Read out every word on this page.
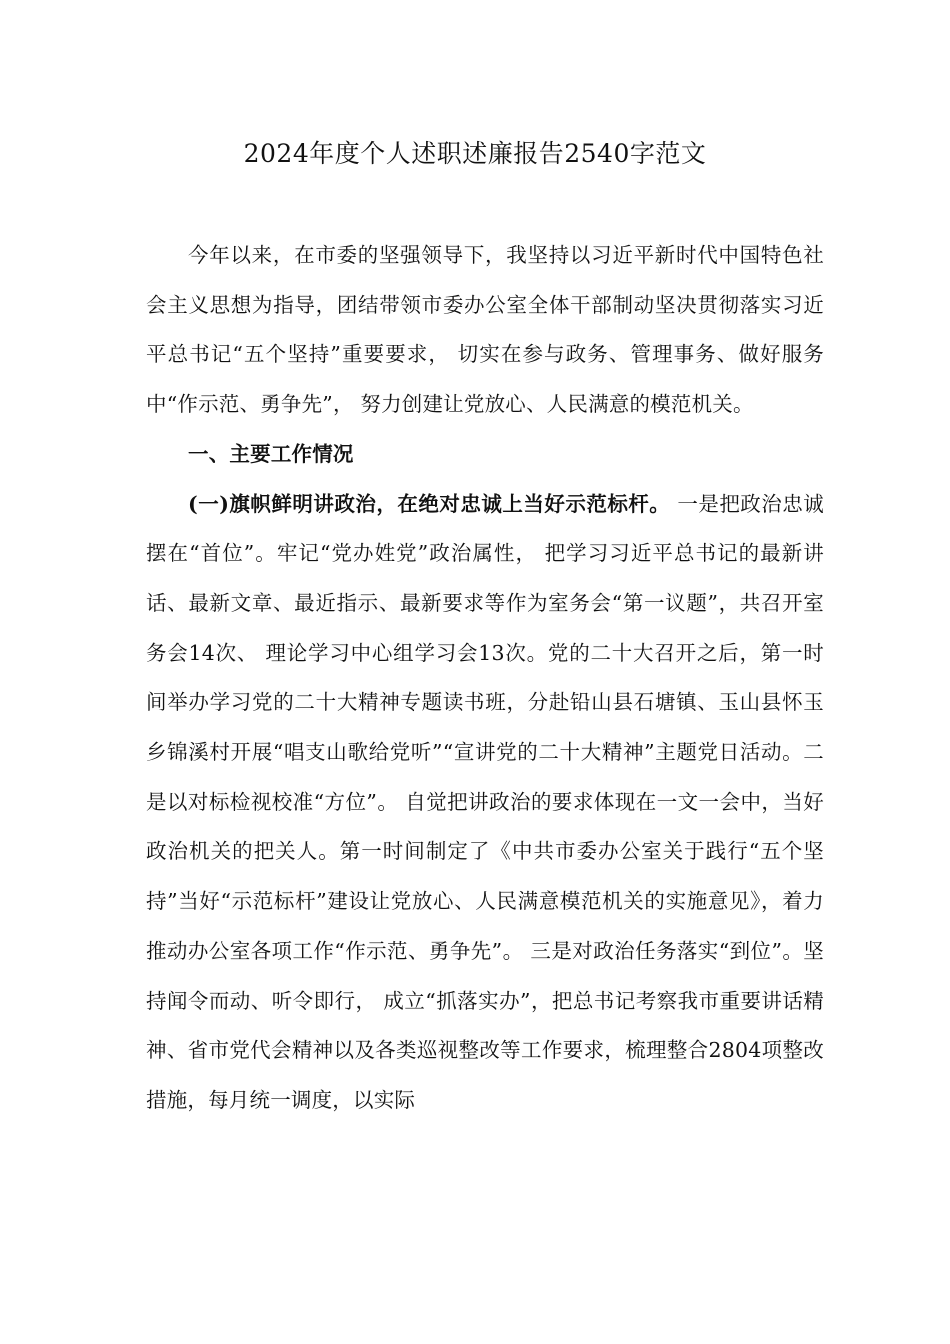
2024年度个人述职述廉报告2540字范文

今年以来，在市委的坚强领导下，我坚持以习近平新时代中国特色社会主义思想为指导，团结带领市委办公室全体干部制动坚决贯彻落实习近平总书记“五个坚持”重要要求， 切实在参与政务、管理事务、做好服务中“作示范、勇争先”， 努力创建让党放心、人民满意的模范机关。

一、主要工作情况

(一)旗帜鲜明讲政治，在绝对忠诚上当好示范标杆。 一是把政治忠诚摆在“首位”。牢记“党办姓党”政治属性， 把学习习近平总书记的最新讲话、最新文章、最近指示、最新要求等作为室务会“第一议题”，共召开室务会14次、 理论学习中心组学习会13次。党的二十大召开之后，第一时间举办学习党的二十大精神专题读书班，分赴铅山县石塘镇、玉山县怀玉乡锦溪村开展“唱支山歌给党听”“宣讲党的二十大精神”主题党日活动。二是以对标检视校准“方位”。 自觉把讲政治的要求体现在一文一会中，当好政治机关的把关人。第一时间制定了《中共市委办公室关于践行“五个坚持”当好“示范标杆”建设让党放心、人民满意模范机关的实施意见》，着力推动办公室各项工作“作示范、勇争先”。 三是对政治任务落实“到位”。坚持闻令而动、听令即行， 成立“抓落实办”，把总书记考察我市重要讲话精神、省市党代会精神以及各类巡视整改等工作要求，梳理整合2804项整改措施，每月统一调度，以实际
